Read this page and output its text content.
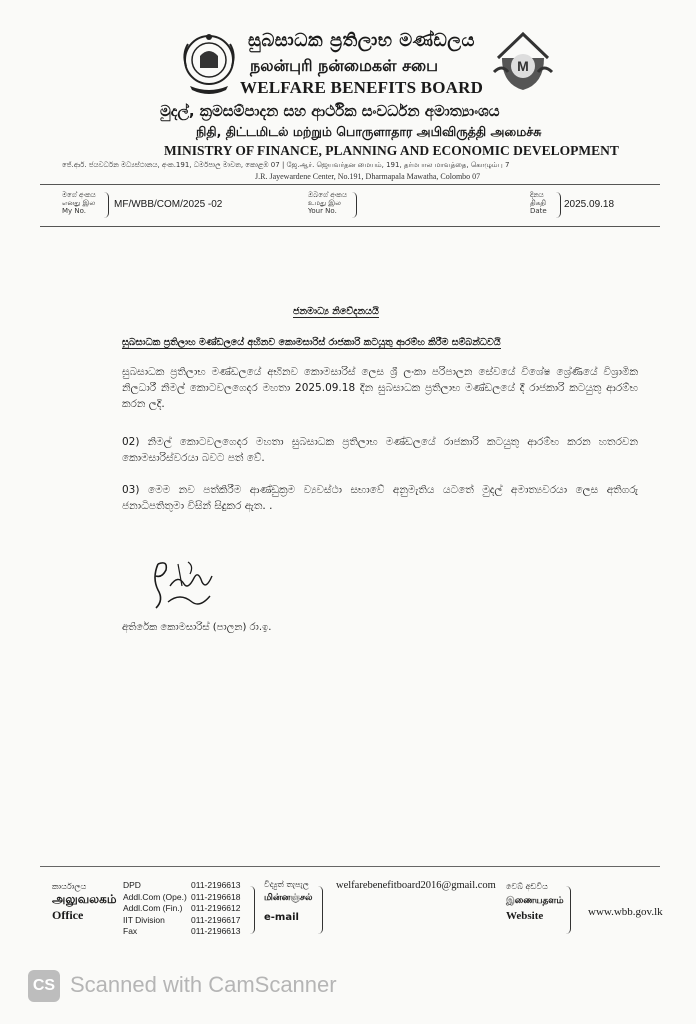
සුබසාධක ප්‍රතිලාභ මණ්ඩලය
நலன்புரி நன்மைகள் சபை
WELFARE BENEFITS BOARD
M
මුදල්, ක්‍රමසම්පාදන සහ ආර්ථික සංවර්ධන අමාත්‍යාංශය
நிதி, திட்டமிடல் மற்றும் பொருளாதார அபிவிருத்தி அமைச்சு
MINISTRY OF FINANCE, PLANNING AND ECONOMIC DEVELOPMENT
ජේ.ආර්. ජයවර්ධන මධ්‍යස්ථානය, අංක.191, ධර්මපාල මාවත, කොළඹ 07 | ஜே.ஆர். ஜெயவர்தன மையம், 191, தர்மபால மாவத்தை, கொழும்பு 7
J.R. Jayewardene Center, No.191, Dharmapala Mawatha, Colombo 07
මගේ අංකය
எனது இல
My No.
MF/WBB/COM/2025 -02
ඔබගේ අංකය
உமது இல
Your No.
දිනය
திகதி
Date
2025.09.18
ජනමාධ්‍ය නිවේදනයයි
සුබසාධක ප්‍රතිලාභ මණ්ඩලයේ අභිනව කොමසාරිස් රාජකාරි කටයුතු ආරම්භ කිරීම සම්බන්ධවයි
සුබසාධක ප්‍රතිලාභ මණ්ඩලයේ අභිනව කොමසාරිස් ලෙස ශ්‍රී ලංකා පරිපාලන සේවයේ විශේෂ ශ්‍රේණියේ විශ්‍රාමික නිලධාරී නිමල් කොටවලගෙදර මහතා 2025.09.18 දින සුබසාධක ප්‍රතිලාභ මණ්ඩලයේ දී රාජකාරි කටයුතු ආරම්භ කරන ලදි.
02) නිමල් කොටවලගෙදර මහතා සුබසාධක ප්‍රතිලාභ මණ්ඩලයේ රාජකාරි කටයුතු ආරම්භ කරන හතරවන කොමසාරිස්වරයා බවට පත් වේ.
03) මෙම නව පත්කිරීම ආණ්ඩුක්‍රම ව්‍යවස්ථා සභාවේ අනුමැතිය යටතේ මුදල් අමාත්‍යවරයා ලෙස අතිගරු ජනාධිපතිතුමා විසින් සිදුකර ඇත. .
අතිරේක කොමසාරිස් (පාලන) රා.ඉ.
කාර්යාලය
அலுவலகம்
Office
DPD
Addl.Com (Ope.)
Addl.Com (Fin.)
IIT Division
Fax
011-2196613
011-2196618
011-2196612
011-2196617
011-2196613
විද්‍යුත් තැපැල
மின்னஞ்சல்
e-mail
welfarebenefitboard2016@gmail.com වෙබ් අඩවිය
இணையதளம்
Website	www.wbb.gov.lk
CS Scanned with CamScanner
